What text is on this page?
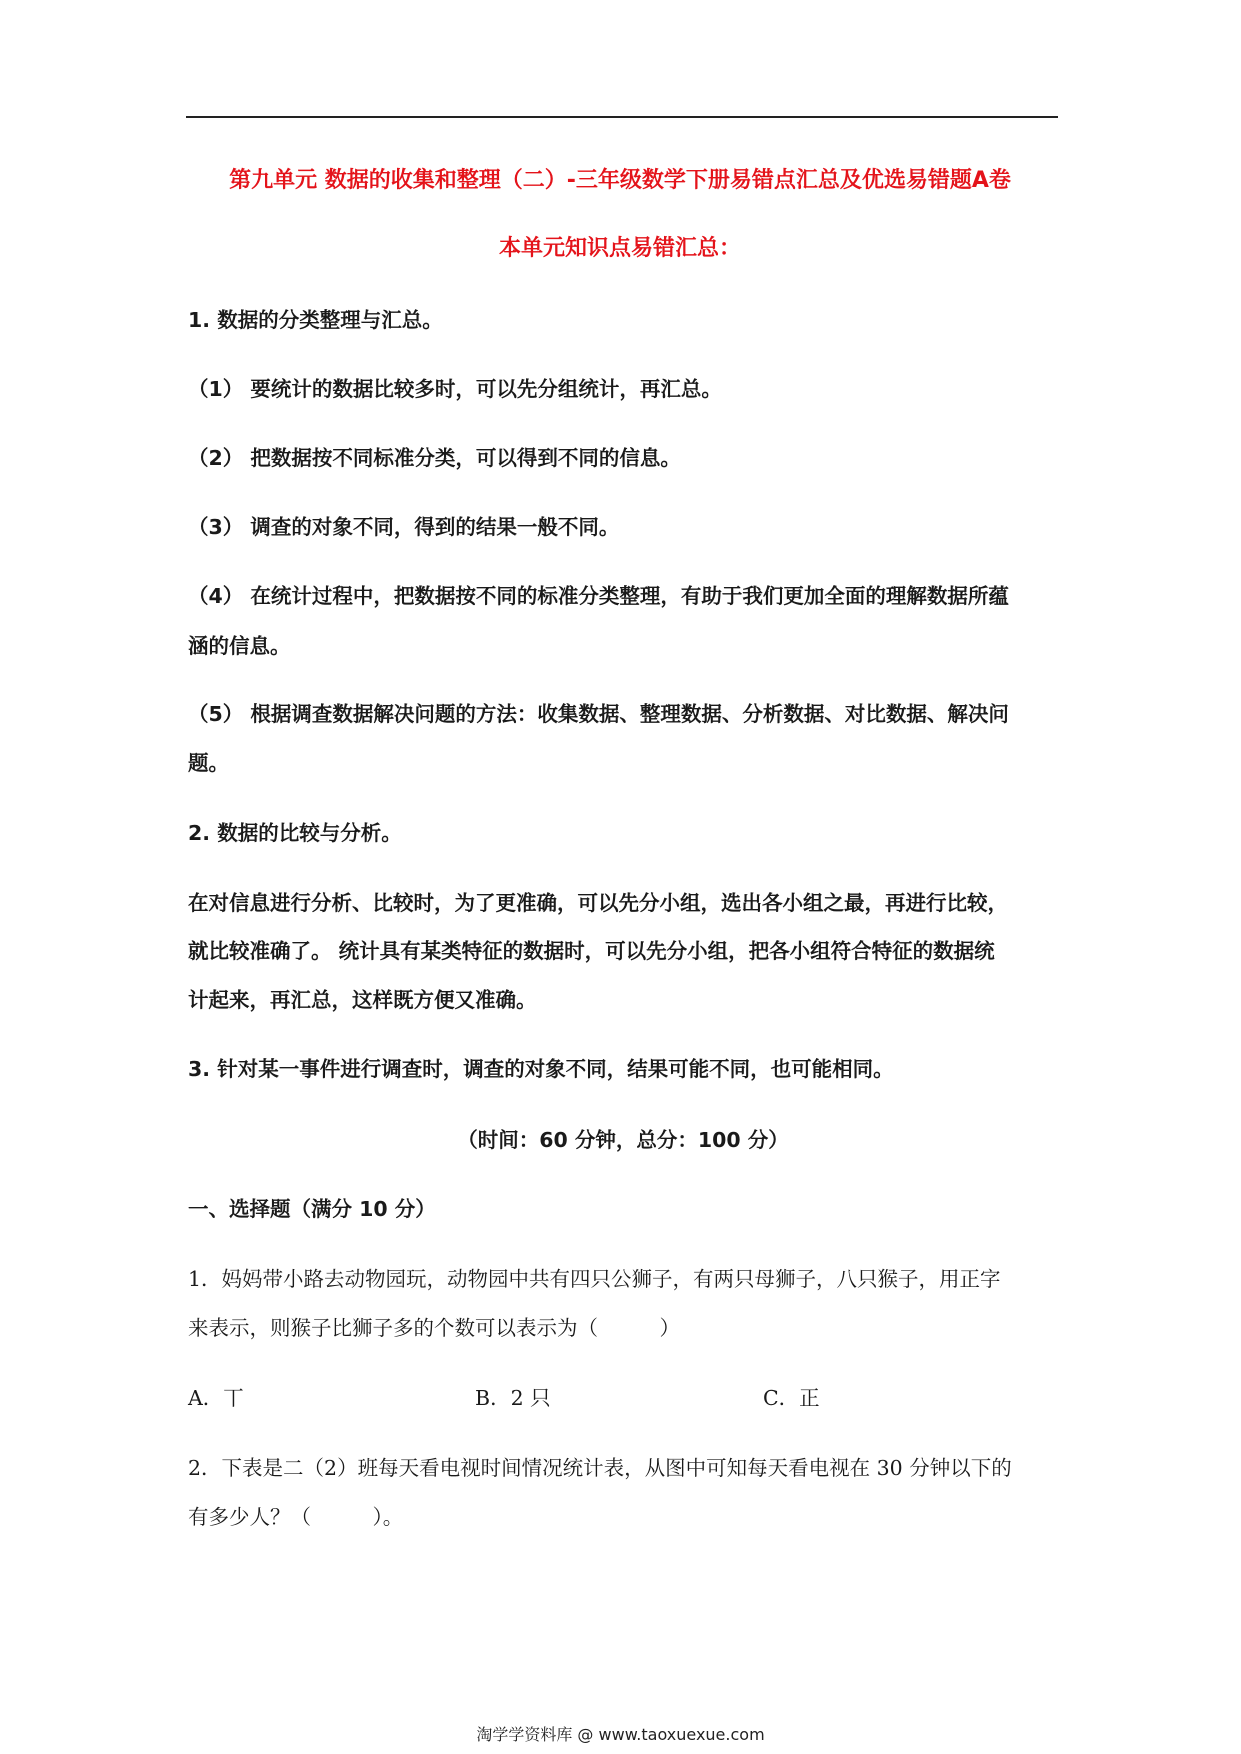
第九单元 数据的收集和整理（二）-三年级数学下册易错点汇总及优选易错题A卷
本单元知识点易错汇总：
1. 数据的分类整理与汇总。
（1） 要统计的数据比较多时，可以先分组统计，再汇总。
（2） 把数据按不同标准分类，可以得到不同的信息。
（3） 调查的对象不同，得到的结果一般不同。
（4） 在统计过程中，把数据按不同的标准分类整理，有助于我们更加全面的理解数据所蕴
涵的信息。
（5） 根据调查数据解决问题的方法：收集数据、整理数据、分析数据、对比数据、解决问
题。
2. 数据的比较与分析。
在对信息进行分析、比较时，为了更准确，可以先分小组，选出各小组之最，再进行比较，
就比较准确了。 统计具有某类特征的数据时，可以先分小组，把各小组符合特征的数据统
计起来，再汇总，这样既方便又准确。
3. 针对某一事件进行调查时，调查的对象不同，结果可能不同，也可能相同。
（时间：60 分钟，总分：100 分）
一、选择题（满分 10 分）
1．妈妈带小路去动物园玩，动物园中共有四只公狮子，有两只母狮子，八只猴子，用正字
来表示，则猴子比狮子多的个数可以表示为（　　　）
A．丅	B．2 只	C．正
2．下表是二（2）班每天看电视时间情况统计表，从图中可知每天看电视在 30 分钟以下的
有多少人？（　　　）。
淘学学资料库 @ www.taoxuexue.com
